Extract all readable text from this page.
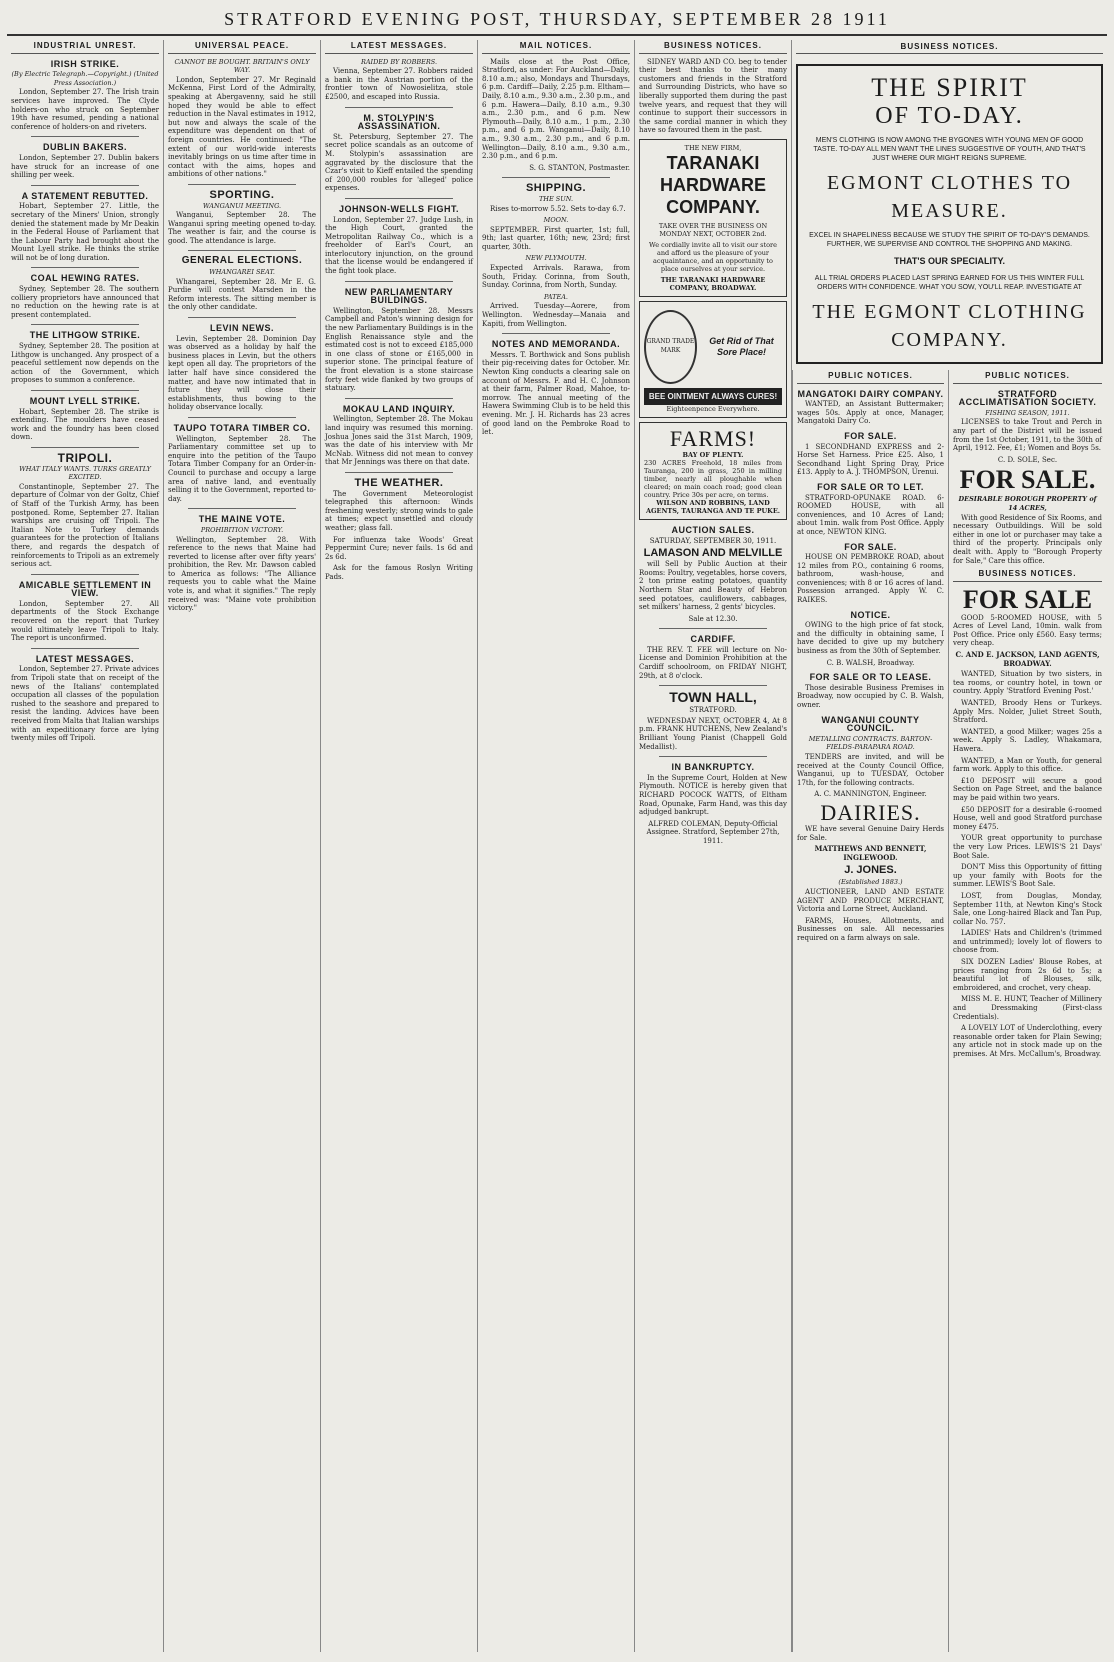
STRATFORD EVENING POST, THURSDAY, SEPTEMBER 28 1911
INDUSTRIAL UNREST.
IRISH STRIKE.
(By Electric Telegraph.—Copyright.) (United Press Association.)

London, September 27. The Irish train services have improved. The Clyde holders-on who struck on September 19th have resumed, pending a national conference of holders-on and riveters.

DUBLIN BAKERS.

London, September 27. Dublin bakers have struck for an increase of one shilling per week.

A STATEMENT REBUTTED.

Hobart, September 27. Little, the secretary of the Miners' Union, strongly denied the statement made by Mr Deakin in the Federal House of Parliament that the Labour Party had brought about the Mount Lyell strike. He thinks the strike will not be of long duration.

COAL HEWING RATES.

Sydney, September 28. The southern colliery proprietors have announced that no reduction on the hewing rate is at present contemplated.

THE LITHGOW STRIKE.

Sydney, September 28. The position at Lithgow is unchanged. Any prospect of a peaceful settlement now depends on the action of the Government, which proposes to summon a conference.

MOUNT LYELL STRIKE.

Hobart, September 28. The strike is extending. The moulders have ceased work and the foundry has been closed down.

TRIPOLI.
WHAT ITALY WANTS. TURKS GREATLY EXCITED.

Constantinople, September 27. The departure of Colmar von der Goltz, Chief of Staff of the Turkish Army, has been postponed. Rome, September 27. Italian warships are cruising off Tripoli. The Italian Note to Turkey demands guarantees for the protection of Italians there, and regards the despatch of reinforcements to Tripoli as an extremely serious act.

AMICABLE SETTLEMENT IN VIEW.

London, September 27. All departments of the Stock Exchange recovered on the report that Turkey would ultimately leave Tripoli to Italy. The report is unconfirmed.

LATEST MESSAGES.

London, September 27. Private advices from Tripoli state that on receipt of the news of the Italians' contemplated occupation all classes of the population rushed to the seashore and prepared to resist the landing. Advices have been received from Malta that Italian warships with an expeditionary force are lying twenty miles off Tripoli.

UNIVERSAL PEACE.
CANNOT BE BOUGHT. BRITAIN'S ONLY WAY.

London, September 27. Mr Reginald McKenna, First Lord of the Admiralty, speaking at Abergavenny, said he still hoped they would be able to effect reduction in the Naval estimates in 1912, but now and always the scale of the expenditure was dependent on that of foreign countries. He continued: "The extent of our world-wide interests inevitably brings on us time after time in contact with the aims, hopes and ambitions of other nations."

SPORTING.
WANGANUI MEETING.

Wanganui, September 28. The Wanganui spring meeting opened to-day. The weather is fair, and the course is good. The attendance is large.

GENERAL ELECTIONS.
WHANGAREI SEAT.

Whangarei, September 28. Mr E. G. Purdie will contest Marsden in the Reform interests. The sitting member is the only other candidate.

LEVIN NEWS.

Levin, September 28. Dominion Day was observed as a holiday by half the business places in Levin, but the others kept open all day. The proprietors of the latter half have since considered the matter, and have now intimated that in future they will close their establishments, thus bowing to the holiday observance locally.

TAUPO TOTARA TIMBER CO.

Wellington, September 28. The Parliamentary committee set up to enquire into the petition of the Taupo Totara Timber Company for an Order-in-Council to purchase and occupy a large area of native land, and eventually selling it to the Government, reported to-day.

THE MAINE VOTE.
PROHIBITION VICTORY.

Wellington, September 28. With reference to the news that Maine had reverted to license after over fifty years' prohibition, the Rev. Mr. Dawson cabled to America as follows: "The Alliance requests you to cable what the Maine vote is, and what it signifies." The reply received was: "Maine vote prohibition victory."

LATEST MESSAGES.
RAIDED BY ROBBERS.

Vienna, September 27. Robbers raided a bank in the Austrian portion of the frontier town of Nowosielitza, stole £2500, and escaped into Russia.

M. STOLYPIN'S ASSASSINATION.

St. Petersburg, September 27. The secret police scandals as an outcome of M. Stolypin's assassination are aggravated by the disclosure that the Czar's visit to Kieff entailed the spending of 200,000 roubles for 'alleged' police expenses.

JOHNSON-WELLS FIGHT.

London, September 27. Judge Lush, in the High Court, granted the Metropolitan Railway Co., which is a freeholder of Earl's Court, an interlocutory injunction, on the ground that the license would be endangered if the fight took place.

NEW PARLIAMENTARY BUILDINGS.

Wellington, September 28. Messrs Campbell and Paton's winning design for the new Parliamentary Buildings is in the English Renaissance style and the estimated cost is not to exceed £185,000 in one class of stone or £165,000 in superior stone. The principal feature of the front elevation is a stone staircase forty feet wide flanked by two groups of statuary.

MOKAU LAND INQUIRY.

Wellington, September 28. The Mokau land inquiry was resumed this morning. Joshua Jones said the 31st March, 1909, was the date of his interview with Mr McNab. Witness did not mean to convey that Mr Jennings was there on that date.

THE WEATHER.

The Government Meteorologist telegraphed this afternoon: Winds freshening westerly; strong winds to gale at times; expect unsettled and cloudy weather; glass fall.

For influenza take Woods' Great Peppermint Cure; never fails. 1s 6d and 2s 6d.

Ask for the famous Roslyn Writing Pads.

MAIL NOTICES.

Mails close at the Post Office, Stratford, as under: For Auckland—Daily, 8.10 a.m.; also, Mondays and Thursdays, 6 p.m. Cardiff—Daily, 2.25 p.m. Eltham—Daily, 8.10 a.m., 9.30 a.m., 2.30 p.m., and 6 p.m. Hawera—Daily, 8.10 a.m., 9.30 a.m., 2.30 p.m., and 6 p.m. New Plymouth—Daily, 8.10 a.m., 1 p.m., 2.30 p.m., and 6 p.m. Wanganui—Daily, 8.10 a.m., 9.30 a.m., 2.30 p.m., and 6 p.m. Wellington—Daily, 8.10 a.m., 9.30 a.m., 2.30 p.m., and 6 p.m.

S. G. STANTON, Postmaster.
SHIPPING.
THE SUN.

Rises to-morrow 5.52. Sets to-day 6.7.

MOON.

SEPTEMBER. First quarter, 1st; full, 9th; last quarter, 16th; new, 23rd; first quarter, 30th.

NEW PLYMOUTH.

Expected Arrivals. Rarawa, from South, Friday. Corinna, from South, Sunday. Corinna, from North, Sunday.

PATEA.

Arrived. Tuesday—Aorere, from Wellington. Wednesday—Manaia and Kapiti, from Wellington.

NOTES AND MEMORANDA.

Messrs. T. Borthwick and Sons publish their pig-receiving dates for October. Mr. Newton King conducts a clearing sale on account of Messrs. F. and H. C. Johnson at their farm, Palmer Road, Mahoe, to-morrow. The annual meeting of the Hawera Swimming Club is to be held this evening. Mr. J. H. Richards has 23 acres of good land on the Pembroke Road to let.

BUSINESS NOTICES.

SIDNEY WARD AND CO. beg to tender their best thanks to their many customers and friends in the Stratford and Surrounding Districts, who have so liberally supported them during the past twelve years, and request that they will continue to support their successors in the same cordial manner in which they have so favoured them in the past.

THE NEW FIRM,
TARANAKI
HARDWARE
COMPANY.
TAKE OVER THE BUSINESS ON MONDAY NEXT, OCTOBER 2nd.
We cordially invite all to visit our store and afford us the pleasure of your acquaintance, and an opportunity to place ourselves at your service.
THE TARANAKI HARDWARE COMPANY, BROADWAY.
GRAND TRADE MARK
Get Rid of That Sore Place!
BEE OINTMENT ALWAYS CURES!
Eighteenpence Everywhere.
FARMS!
BAY OF PLENTY.
230 ACRES Freehold, 18 miles from Tauranga, 200 in grass, 250 in milling timber, nearly all ploughable when cleared; on main coach road; good clean country. Price 30s per acre, on terms.
WILSON AND ROBBINS, LAND AGENTS, TAURANGA AND TE PUKE.
AUCTION SALES.
SATURDAY, SEPTEMBER 30, 1911.
LAMASON AND MELVILLE

will Sell by Public Auction at their Rooms: Poultry, vegetables, horse covers, 2 ton prime eating potatoes, quantity Northern Star and Beauty of Hebron seed potatoes, cauliflowers, cabbages, set milkers' harness, 2 gents' bicycles.

Sale at 12.30.
CARDIFF.

THE REV. T. FEE will lecture on No-License and Dominion Prohibition at the Cardiff schoolroom, on FRIDAY NIGHT, 29th, at 8 o'clock.

TOWN HALL,
STRATFORD.

WEDNESDAY NEXT, OCTOBER 4, At 8 p.m. FRANK HUTCHENS, New Zealand's Brilliant Young Pianist (Chappell Gold Medallist).

IN BANKRUPTCY.

In the Supreme Court, Holden at New Plymouth. NOTICE is hereby given that RICHARD POCOCK WATTS, of Eltham Road, Opunake, Farm Hand, was this day adjudged bankrupt.

ALFRED COLEMAN, Deputy-Official Assignee. Stratford, September 27th, 1911.
BUSINESS NOTICES.
THE SPIRIT
OF TO-DAY.
MEN'S CLOTHING IS NOW AMONG THE BYGONES WITH YOUNG MEN OF GOOD TASTE. TO-DAY ALL MEN WANT THE LINES SUGGESTIVE OF YOUTH, AND THAT'S JUST WHERE OUR MIGHT REIGNS SUPREME.
EGMONT CLOTHES TO
MEASURE.
EXCEL IN SHAPELINESS BECAUSE WE STUDY THE SPIRIT OF TO-DAY'S DEMANDS. FURTHER, WE SUPERVISE AND CONTROL THE SHOPPING AND MAKING.
THAT'S OUR SPECIALITY.
ALL TRIAL ORDERS PLACED LAST SPRING EARNED FOR US THIS WINTER FULL ORDERS WITH CONFIDENCE. WHAT YOU SOW, YOU'LL REAP. INVESTIGATE AT
THE EGMONT CLOTHING
COMPANY.
PUBLIC NOTICES.
MANGATOKI DAIRY COMPANY.

WANTED, an Assistant Buttermaker; wages 50s. Apply at once, Manager, Mangatoki Dairy Co.

FOR SALE.

1 SECONDHAND EXPRESS and 2-Horse Set Harness. Price £25. Also, 1 Secondhand Light Spring Dray, Price £13. Apply to A. J. THOMPSON, Urenui.

FOR SALE OR TO LET.

STRATFORD-OPUNAKE ROAD. 6-ROOMED HOUSE, with all conveniences, and 10 Acres of Land; about 1min. walk from Post Office. Apply at once, NEWTON KING.

FOR SALE.

HOUSE ON PEMBROKE ROAD, about 12 miles from P.O., containing 6 rooms, bathroom, wash-house, and conveniences; with 8 or 16 acres of land. Possession arranged. Apply W. C. RAIKES.

NOTICE.

OWING to the high price of fat stock, and the difficulty in obtaining same, I have decided to give up my butchery business as from the 30th of September.

C. B. WALSH, Broadway.
FOR SALE OR TO LEASE.

Those desirable Business Premises in Broadway, now occupied by C. B. Walsh, owner.

WANGANUI COUNTY COUNCIL.
METALLING CONTRACTS. BARTON-FIELDS-PARAPARA ROAD.

TENDERS are invited, and will be received at the County Council Office, Wanganui, up to TUESDAY, October 17th, for the following contracts.

A. C. MANNINGTON, Engineer.
DAIRIES.

WE have several Genuine Dairy Herds for Sale.

MATTHEWS AND BENNETT, INGLEWOOD.
J. JONES.
(Established 1883.)

AUCTIONEER, LAND AND ESTATE AGENT AND PRODUCE MERCHANT, Victoria and Lorne Street, Auckland.

FARMS, Houses, Allotments, and Businesses on sale. All necessaries required on a farm always on sale.

PUBLIC NOTICES.
STRATFORD ACCLIMATISATION SOCIETY.
FISHING SEASON, 1911.

LICENSES to take Trout and Perch in any part of the District will be issued from the 1st October, 1911, to the 30th of April, 1912. Fee, £1; Women and Boys 5s.

C. D. SOLE, Sec.
FOR SALE.
DESIRABLE BOROUGH PROPERTY of 14 ACRES,

With good Residence of Six Rooms, and necessary Outbuildings. Will be sold either in one lot or purchaser may take a third of the property. Principals only dealt with. Apply to "Borough Property for Sale," Care this office.

BUSINESS NOTICES.
FOR SALE

GOOD 5-ROOMED HOUSE, with 5 Acres of Level Land, 10min. walk from Post Office. Price only £560. Easy terms; very cheap.

C. AND E. JACKSON, LAND AGENTS, BROADWAY.

WANTED, Situation by two sisters, in tea rooms, or country hotel, in town or country. Apply 'Stratford Evening Post.'

WANTED, Broody Hens or Turkeys. Apply Mrs. Nolder, Juliet Street South, Stratford.

WANTED, a good Milker; wages 25s a week. Apply S. Ladley, Whakamara, Hawera.

WANTED, a Man or Youth, for general farm work. Apply to this office.

£10 DEPOSIT will secure a good Section on Page Street, and the balance may be paid within two years.

£50 DEPOSIT for a desirable 6-roomed House, well and good Stratford purchase money £475.

YOUR great opportunity to purchase the very Low Prices. LEWIS'S 21 Days' Boot Sale.

DON'T Miss this Opportunity of fitting up your family with Boots for the summer. LEWIS'S Boot Sale.

LOST, from Douglas, Monday, September 11th, at Newton King's Stock Sale, one Long-haired Black and Tan Pup, collar No. 757.

LADIES' Hats and Children's (trimmed and untrimmed); lovely lot of flowers to choose from.

SIX DOZEN Ladies' Blouse Robes, at prices ranging from 2s 6d to 5s; a beautiful lot of Blouses, silk, embroidered, and crochet, very cheap.

MISS M. E. HUNT, Teacher of Millinery and Dressmaking (First-class Credentials).

A LOVELY LOT of Underclothing, every reasonable order taken for Plain Sewing; any article not in stock made up on the premises. At Mrs. McCallum's, Broadway.
